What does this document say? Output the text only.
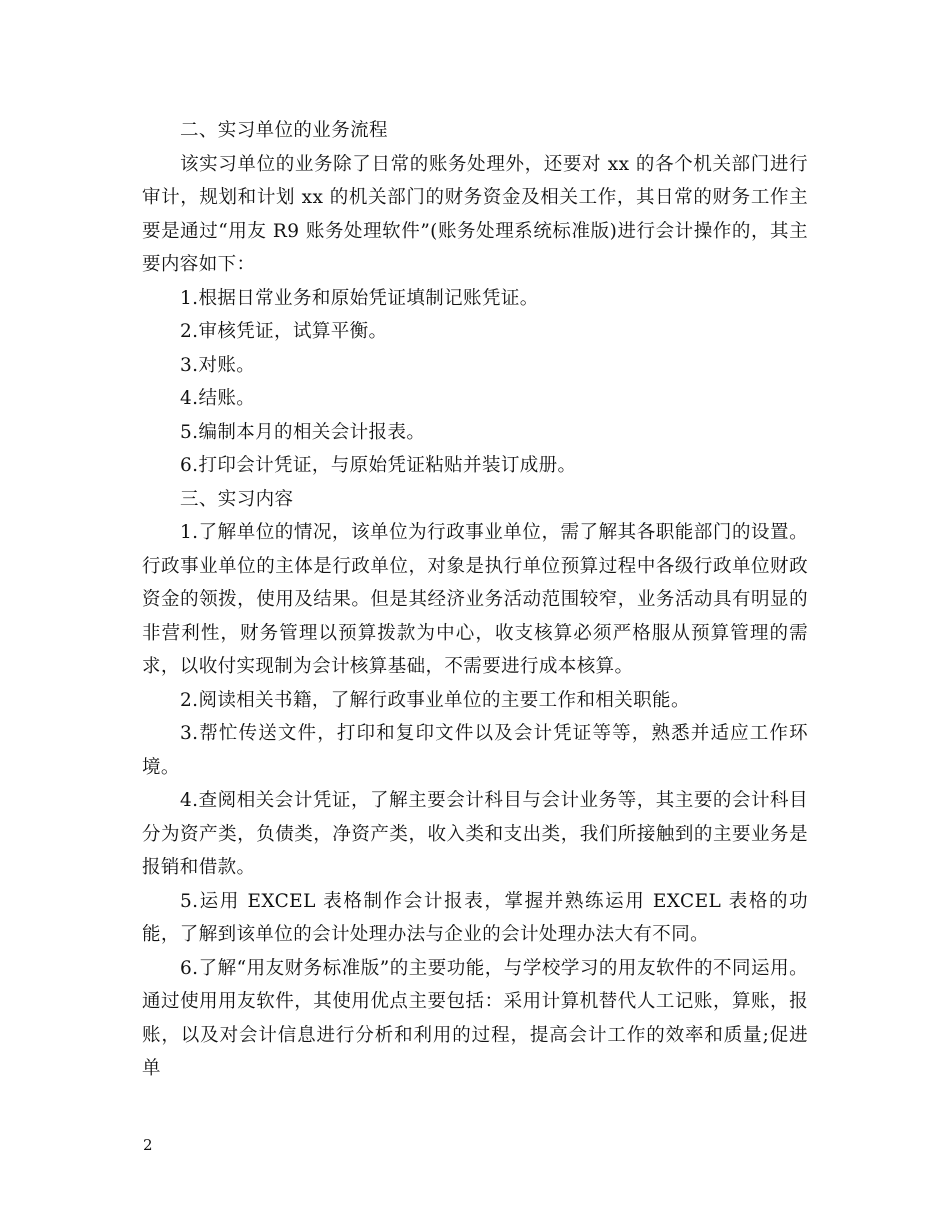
二、实习单位的业务流程

该实习单位的业务除了日常的账务处理外，还要对 xx 的各个机关部门进行审计，规划和计划 xx 的机关部门的财务资金及相关工作，其日常的财务工作主要是通过“用友 R9 账务处理软件”(账务处理系统标准版)进行会计操作的，其主要内容如下：

1.根据日常业务和原始凭证填制记账凭证。

2.审核凭证，试算平衡。

3.对账。

4.结账。

5.编制本月的相关会计报表。

6.打印会计凭证，与原始凭证粘贴并装订成册。

三、实习内容

1.了解单位的情况，该单位为行政事业单位，需了解其各职能部门的设置。行政事业单位的主体是行政单位，对象是执行单位预算过程中各级行政单位财政资金的领拨，使用及结果。但是其经济业务活动范围较窄，业务活动具有明显的非营利性，财务管理以预算拨款为中心，收支核算必须严格服从预算管理的需求，以收付实现制为会计核算基础，不需要进行成本核算。

2.阅读相关书籍，了解行政事业单位的主要工作和相关职能。

3.帮忙传送文件，打印和复印文件以及会计凭证等等，熟悉并适应工作环境。

4.查阅相关会计凭证，了解主要会计科目与会计业务等，其主要的会计科目分为资产类，负债类，净资产类，收入类和支出类，我们所接触到的主要业务是报销和借款。

5.运用 EXCEL 表格制作会计报表，掌握并熟练运用 EXCEL 表格的功能，了解到该单位的会计处理办法与企业的会计处理办法大有不同。

6.了解“用友财务标准版”的主要功能，与学校学习的用友软件的不同运用。通过使用用友软件，其使用优点主要包括：采用计算机替代人工记账，算账，报账，以及对会计信息进行分析和利用的过程，提高会计工作的效率和质量;促进单

2
